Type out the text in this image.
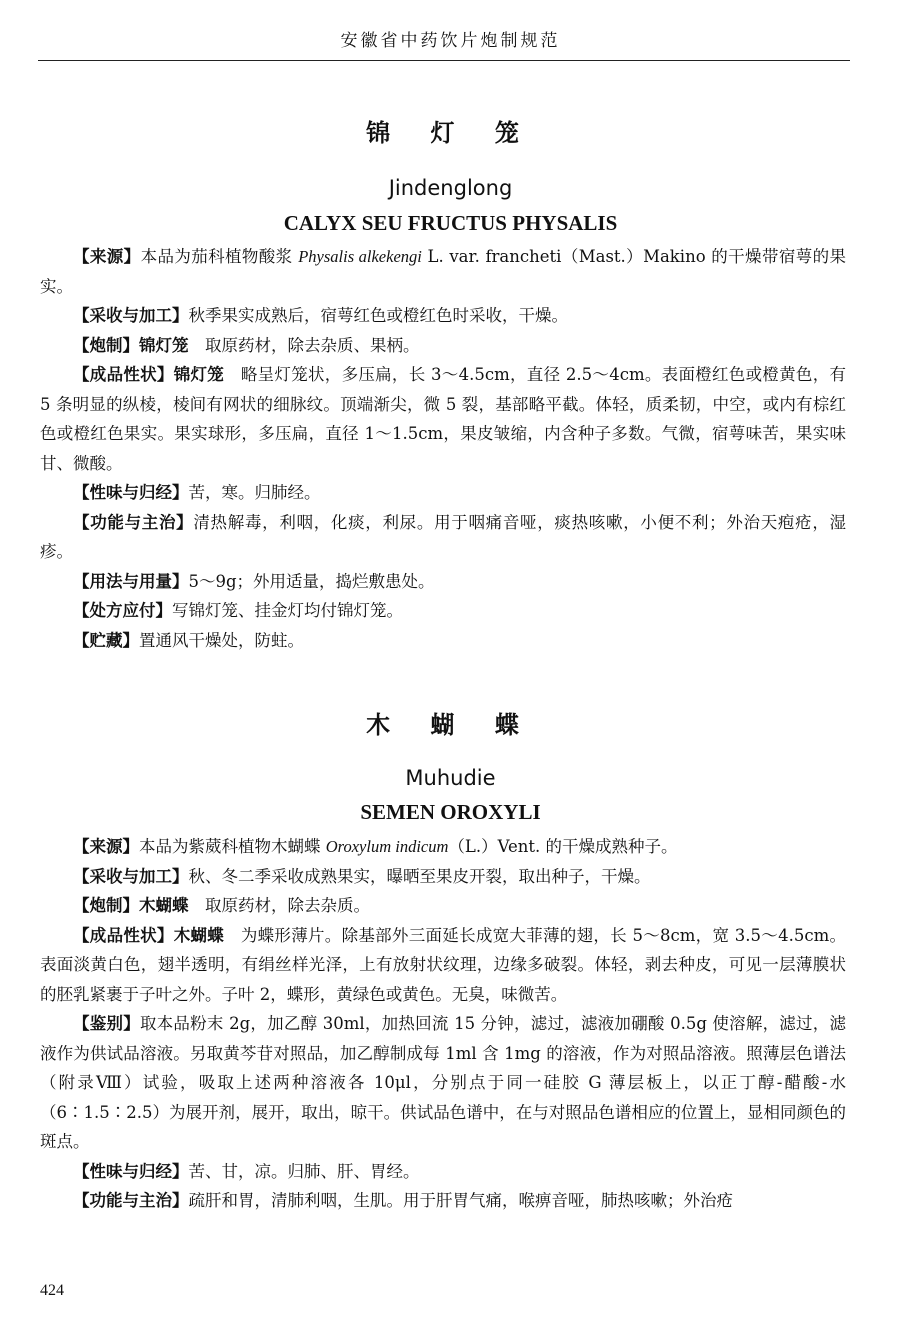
安徽省中药饮片炮制规范
锦 灯 笼
Jindenglong
CALYX SEU FRUCTUS PHYSALIS

【来源】本品为茄科植物酸浆 Physalis alkekengi L. var. francheti（Mast.）Makino 的干燥带宿萼的果实。

【采收与加工】秋季果实成熟后，宿萼红色或橙红色时采收，干燥。

【炮制】锦灯笼　取原药材，除去杂质、果柄。

【成品性状】锦灯笼　略呈灯笼状，多压扁，长 3～4.5cm，直径 2.5～4cm。表面橙红色或橙黄色，有 5 条明显的纵棱，棱间有网状的细脉纹。顶端渐尖，微 5 裂，基部略平截。体轻，质柔韧，中空，或内有棕红色或橙红色果实。果实球形，多压扁，直径 1～1.5cm，果皮皱缩，内含种子多数。气微，宿萼味苦，果实味甘、微酸。

【性味与归经】苦，寒。归肺经。

【功能与主治】清热解毒，利咽，化痰，利尿。用于咽痛音哑，痰热咳嗽，小便不利；外治天疱疮，湿疹。

【用法与用量】5～9g；外用适量，捣烂敷患处。

【处方应付】写锦灯笼、挂金灯均付锦灯笼。

【贮藏】置通风干燥处，防蛀。

木 蝴 蝶
Muhudie
SEMEN OROXYLI

【来源】本品为紫葳科植物木蝴蝶 Oroxylum indicum（L.）Vent. 的干燥成熟种子。

【采收与加工】秋、冬二季采收成熟果实，曝晒至果皮开裂，取出种子，干燥。

【炮制】木蝴蝶　取原药材，除去杂质。

【成品性状】木蝴蝶　为蝶形薄片。除基部外三面延长成宽大菲薄的翅，长 5～8cm，宽 3.5～4.5cm。表面淡黄白色，翅半透明，有绢丝样光泽，上有放射状纹理，边缘多破裂。体轻，剥去种皮，可见一层薄膜状的胚乳紧裹于子叶之外。子叶 2，蝶形，黄绿色或黄色。无臭，味微苦。

【鉴别】取本品粉末 2g，加乙醇 30ml，加热回流 15 分钟，滤过，滤液加硼酸 0.5g 使溶解，滤过，滤液作为供试品溶液。另取黄芩苷对照品，加乙醇制成每 1ml 含 1mg 的溶液，作为对照品溶液。照薄层色谱法（附录Ⅷ）试验，吸取上述两种溶液各 10μl，分别点于同一硅胶 G 薄层板上，以正丁醇-醋酸-水（6∶1.5∶2.5）为展开剂，展开，取出，晾干。供试品色谱中，在与对照品色谱相应的位置上，显相同颜色的斑点。

【性味与归经】苦、甘，凉。归肺、肝、胃经。

【功能与主治】疏肝和胃，清肺利咽，生肌。用于肝胃气痛，喉痹音哑，肺热咳嗽；外治疮

424
